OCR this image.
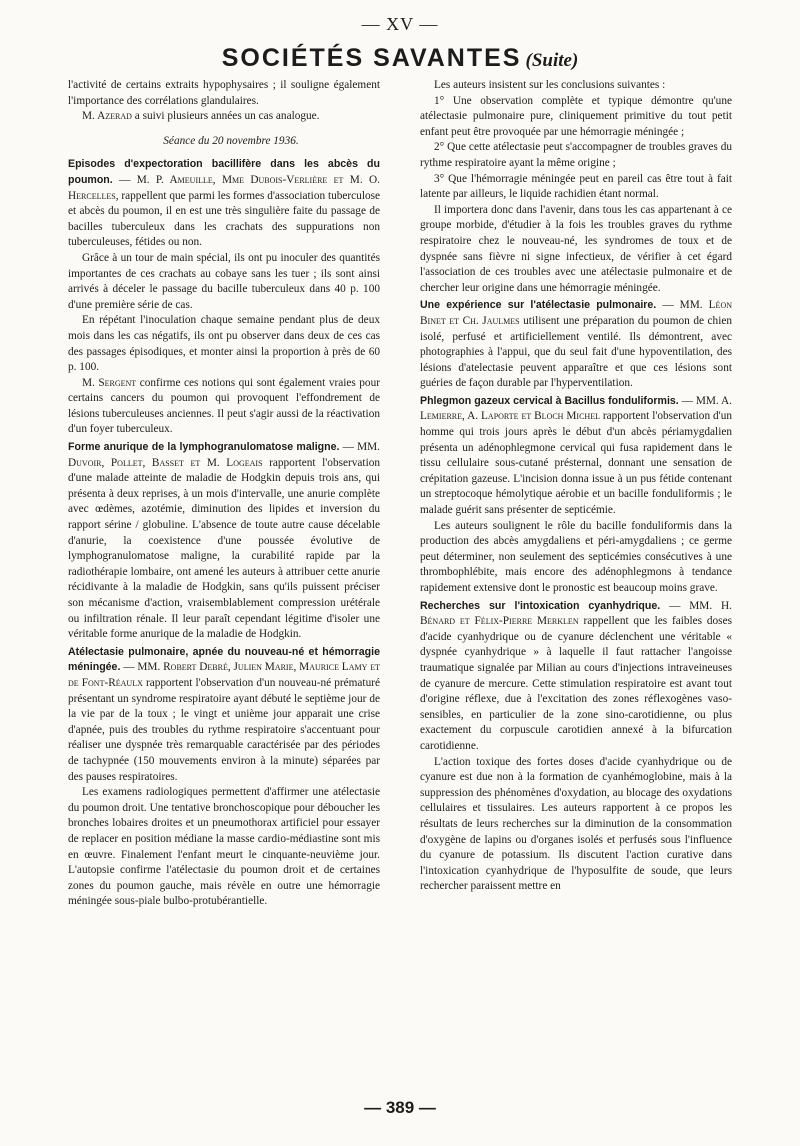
— XV —
SOCIÉTÉS SAVANTES (Suite)

l'activité de certains extraits hypophysaires ; il souligne également l'importance des corrélations glandulaires.

M. Azerad a suivi plusieurs années un cas analogue.

Séance du 20 novembre 1936.

Episodes d'expectoration bacillifère dans les abcès du poumon. — M. P. Ameuille, Mme Dubois-Verlière et M. O. Hercelles, rappellent que parmi les formes d'association tuberculose et abcès du poumon, il en est une très singulière faite du passage de bacilles tuberculeux dans les crachats des suppurations non tuberculeuses, fétides ou non.

Grâce à un tour de main spécial, ils ont pu inoculer des quantités importantes de ces crachats au cobaye sans les tuer ; ils sont ainsi arrivés à déceler le passage du bacille tuberculeux dans 40 p. 100 d'une première série de cas.

En répétant l'inoculation chaque semaine pendant plus de deux mois dans les cas négatifs, ils ont pu observer dans deux de ces cas des passages épisodiques, et monter ainsi la proportion à près de 60 p. 100.

M. Sergent confirme ces notions qui sont également vraies pour certains cancers du poumon qui provoquent l'effondrement de lésions tuberculeuses anciennes. Il peut s'agir aussi de la réactivation d'un foyer tuberculeux.

Forme anurique de la lymphogranulomatose maligne. — MM. Duvoir, Pollet, Basset et M. Logeais rapportent l'observation d'une malade atteinte de maladie de Hodgkin depuis trois ans, qui présenta à deux reprises, à un mois d'intervalle, une anurie complète avec œdèmes, azotémie, diminution des lipides et inversion du rapport sérine / globuline. L'absence de toute autre cause décelable d'anurie, la coexistence d'une poussée évolutive de lymphogranulomatose maligne, la curabilité rapide par la radiothérapie lombaire, ont amené les auteurs à attribuer cette anurie récidivante à la maladie de Hodgkin, sans qu'ils puissent préciser son mécanisme d'action, vraisemblablement compression urétérale ou infiltration rénale. Il leur paraît cependant légitime d'isoler une véritable forme anurique de la maladie de Hodgkin.

Atélectasie pulmonaire, apnée du nouveau-né et hémorragie méningée. — MM. Robert Debré, Julien Marie, Maurice Lamy et de Font-Réaulx rapportent l'observation d'un nouveau-né prématuré présentant un syndrome respiratoire ayant débuté le septième jour de la vie par de la toux ; le vingt et unième jour apparait une crise d'apnée, puis des troubles du rythme respiratoire s'accentuant pour réaliser une dyspnée très remarquable caractérisée par des périodes de tachypnée (150 mouvements environ à la minute) séparées par des pauses respiratoires.

Les examens radiologiques permettent d'affirmer une atélectasie du poumon droit. Une tentative bronchoscopique pour déboucher les bronches lobaires droites et un pneumothorax artificiel pour essayer de replacer en position médiane la masse cardio-médiastine sont mis en œuvre. Finalement l'enfant meurt le cinquante-neuvième jour. L'autopsie confirme l'atélectasie du poumon droit et de certaines zones du poumon gauche, mais révèle en outre une hémorragie méningée sous-piale bulbo-protubérantielle.

Les auteurs insistent sur les conclusions suivantes :

1° Une observation complète et typique démontre qu'une atélectasie pulmonaire pure, cliniquement primitive du tout petit enfant peut être provoquée par une hémorragie méningée ;

2° Que cette atélectasie peut s'accompagner de troubles graves du rythme respiratoire ayant la même origine ;

3° Que l'hémorragie méningée peut en pareil cas être tout à fait latente par ailleurs, le liquide rachidien étant normal.

Il importera donc dans l'avenir, dans tous les cas appartenant à ce groupe morbide, d'étudier à la fois les troubles graves du rythme respiratoire chez le nouveau-né, les syndromes de toux et de dyspnée sans fièvre ni signe infectieux, de vérifier à cet égard l'association de ces troubles avec une atélectasie pulmonaire et de chercher leur origine dans une hémorragie méningée.

Une expérience sur l'atélectasie pulmonaire. — MM. Léon Binet et Ch. Jaulmes utilisent une préparation du poumon de chien isolé, perfusé et artificiellement ventilé. Ils démontrent, avec photographies à l'appui, que du seul fait d'une hypoventilation, des lésions d'atelectasie peuvent apparaître et que ces lésions sont guéries de façon durable par l'hyperventilation.

Phlegmon gazeux cervical à Bacillus fonduliformis. — MM. A. Lemierre, A. Laporte et Bloch Michel rapportent l'observation d'un homme qui trois jours après le début d'un abcès périamygdalien présenta un adénophlegmone cervical qui fusa rapidement dans le tissu cellulaire sous-cutané présternal, donnant une sensation de crépitation gazeuse. L'incision donna issue à un pus fétide contenant un streptocoque hémolytique aérobie et un bacille fonduliformis ; le malade guérit sans présenter de septicémie.

Les auteurs soulignent le rôle du bacille fonduliformis dans la production des abcès amygdaliens et péri-amygdaliens ; ce germe peut déterminer, non seulement des septicémies consécutives à une thrombophlébite, mais encore des adénophlegmons à tendance rapidement extensive dont le pronostic est beaucoup moins grave.

Recherches sur l'intoxication cyanhydrique. — MM. H. Bénard et Félix-Pierre Merklen rappellent que les faibles doses d'acide cyanhydrique ou de cyanure déclenchent une véritable « dyspnée cyanhydrique » à laquelle il faut rattacher l'angoisse traumatique signalée par Milian au cours d'injections intraveineuses de cyanure de mercure. Cette stimulation respiratoire est avant tout d'origine réflexe, due à l'excitation des zones réflexogènes vaso-sensibles, en particulier de la zone sino-carotidienne, ou plus exactement du corpuscule carotidien annexé à la bifurcation carotidienne.

L'action toxique des fortes doses d'acide cyanhydrique ou de cyanure est due non à la formation de cyanhémoglobine, mais à la suppression des phénomènes d'oxydation, au blocage des oxydations cellulaires et tissulaires. Les auteurs rapportent à ce propos les résultats de leurs recherches sur la diminution de la consommation d'oxygène de lapins ou d'organes isolés et perfusés sous l'influence du cyanure de potassium. Ils discutent l'action curative dans l'intoxication cyanhydrique de l'hyposulfite de soude, que leurs rechercher paraissent mettre en

— 389 —
